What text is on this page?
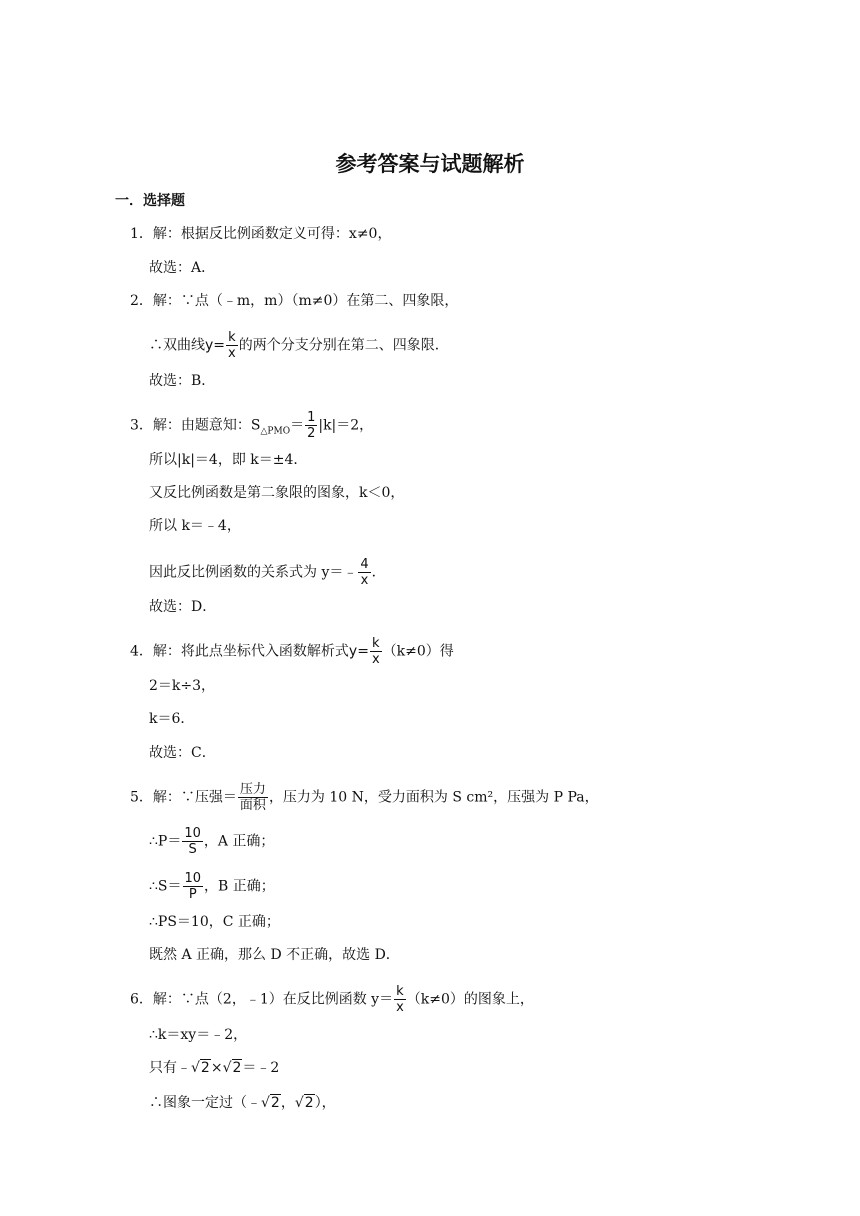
参考答案与试题解析
一．选择题
1．解：根据反比例函数定义可得：x≠0，
故选：A．
2．解：∵点（﹣m，m）（m≠0）在第二、四象限，
∴双曲线$y= \frac{k}{x}$ 的两个分支分别在第二、四象限．
故选：B．
3．解：由题意知：$S_{\triangle PMO}= \frac{1}{2} |k|=2$，
所以|k|＝4，即 k＝±4．
又反比例函数是第二象限的图象，k＜0，
所以 k＝﹣4，
因此反比例函数的关系式为 y＝﹣ $\frac{4}{x}$ ．
故选：D．
4．解：将此点坐标代入函数解析式$y= \frac{k}{x} (k\ne 0)$得
2＝k÷3，
k＝6．
故选：C．
5．解：∵压强＝ $\frac{\text{压力}}{\text{面积}}$ ，压力为 10 N，受力面积为 S cm²，压强为 P Pa，
∴P＝ $\frac{10}{S}$ ，A 正确；
∴S＝ $\frac{10}{P}$ ，B 正确；
∴PS＝10，C 正确；
既然 A 正确，那么 D 不正确，故选 D．
6．解：∵点（2，﹣1）在反比例函数 $y= \frac{k}{x} (k\ne 0)$的图象上，
∴k＝xy＝﹣2，
只有﹣√2×√2＝﹣2
∴图象一定过（﹣√2，√2），
